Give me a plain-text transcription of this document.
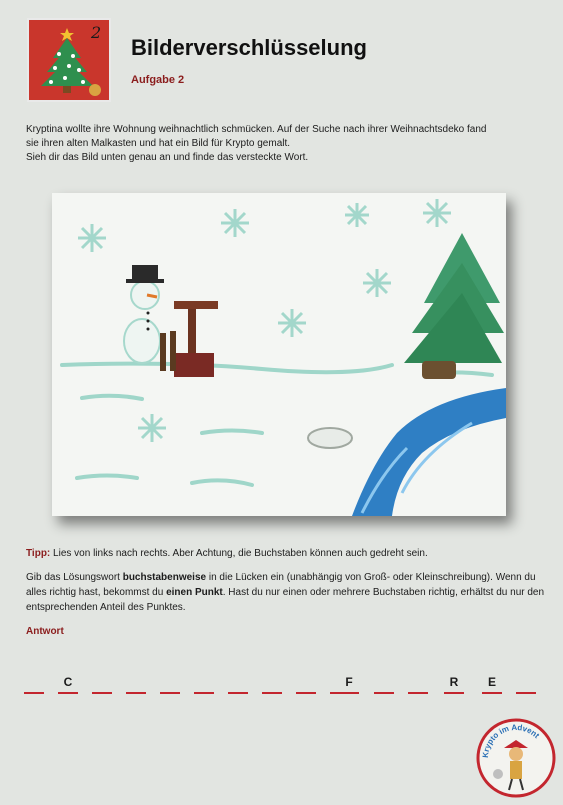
2
Bilderverschlüsselung
Aufgabe 2

Kryptina wollte ihre Wohnung weihnachtlich schmücken. Auf der Suche nach ihrer Weihnachtsdeko fand

sie ihren alten Malkasten und hat ein Bild für Krypto gemalt.

Sieh dir das Bild unten genau an und finde das versteckte Wort.

Tipp: Lies von links nach rechts. Aber Achtung, die Buchstaben können auch gedreht sein.

Gib das Lösungswort buchstabenweise in die Lücken ein (unabhängig von Groß- oder Kleinschreibung). Wenn du alles richtig hast, bekommst du einen Punkt. Hast du nur einen oder mehrere Buchstaben richtig, erhältst du nur den entsprechenden Anteil des Punktes.

Antwort
C	F	R	E
Krypto im Advent
